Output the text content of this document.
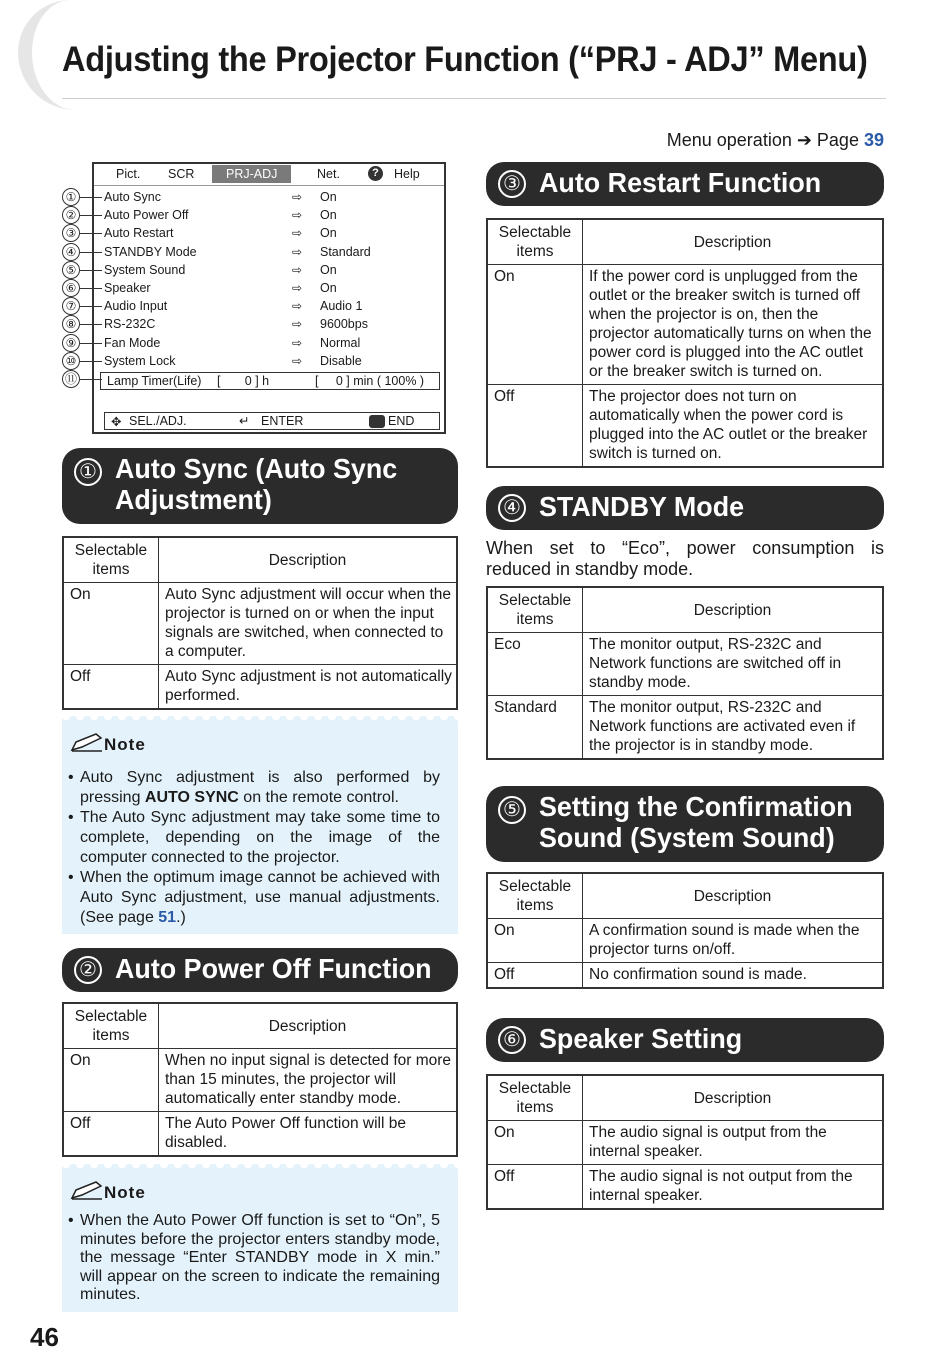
Adjusting the Projector Function (“PRJ - ADJ” Menu)
Menu operation ➔ Page 39
Pict. SCR	PRJ-ADJ	Net.	?	Help
Auto Sync	⇨ On
Auto Power Off	⇨ On
Auto Restart	⇨ On
STANDBY Mode	⇨ Standard
System Sound	⇨ On
Speaker	⇨ On
Audio Input	⇨ Audio 1
RS-232C	⇨ 9600bps
Fan Mode	⇨ Normal
System Lock	⇨ Disable
Lamp Timer(Life) [       0 ] h	[     0 ] min ( 100% )
✥ SEL./ADJ.	↵ ENTER	END
①
②
③
④
⑤
⑥
⑦
⑧
⑨
⑩
⑪
① Auto Sync (Auto Sync
Adjustment)
Selectable items	Description
On	Auto Sync adjustment will occur when the projector is turned on or when the input signals are switched, when connected to a computer.
Off	Auto Sync adjustment is not automatically performed.
Note
• Auto Sync adjustment is also performed by pressing AUTO SYNC on the remote control.
• The Auto Sync adjustment may take some time to complete, depending on the image of the computer connected to the projector.
• When the optimum image cannot be achieved with Auto Sync adjustment, use manual adjustments. (See page 51.)
② Auto Power Off Function
Selectable items	Description
On	When no input signal is detected for more than 15 minutes, the projector will automatically enter standby mode.
Off	The Auto Power Off function will be disabled.
Note
• When the Auto Power Off function is set to “On”, 5 minutes before the projector enters standby mode, the message “Enter STANDBY mode in X min.” will appear on the screen to indicate the remaining minutes.
③ Auto Restart Function
Selectable items	Description
On	If the power cord is unplugged from the outlet or the breaker switch is turned off when the projector is on, then the projector automatically turns on when the power cord is plugged into the AC outlet or the breaker switch is turned on.
Off	The projector does not turn on automatically when the power cord is plugged into the AC outlet or the breaker switch is turned on.
④ STANDBY Mode
When set to “Eco”, power consumption is reduced in standby mode.
Selectable items	Description
Eco	The monitor output, RS-232C and Network functions are switched off in standby mode.
Standard	The monitor output, RS-232C and Network functions are activated even if the projector is in standby mode.
⑤ Setting the Confirmation
Sound (System Sound)
Selectable items	Description
On	A confirmation sound is made when the projector turns on/off.
Off	No confirmation sound is made.
⑥ Speaker Setting
Selectable items	Description
On	The audio signal is output from the internal speaker.
Off	The audio signal is not output from the internal speaker.
46
